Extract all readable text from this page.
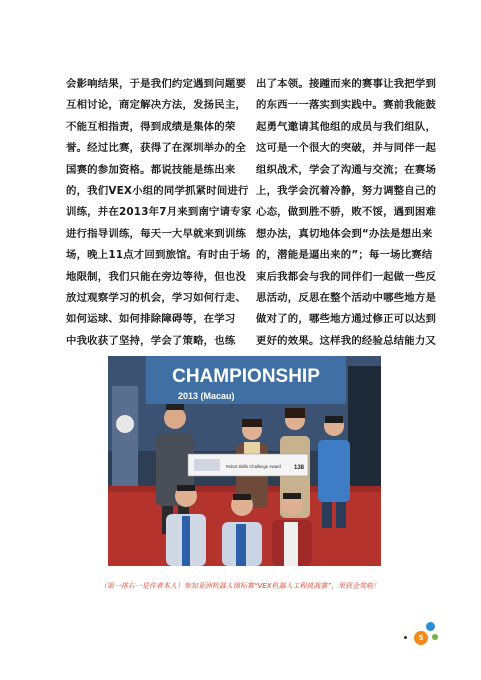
会影响结果，于是我们约定遇到问题要
互相讨论，商定解决方法，发扬民主，
不能互相指责，得到成绩是集体的荣
誉。经过比赛，获得了在深圳举办的全
国赛的参加资格。都说技能是练出来
的，我们VEX小组的同学抓紧时间进行
训练，并在2013年7月来到南宁请专家
进行指导训练，每天一大早就来到训练
场，晚上11点才回到旅馆。有时由于场
地限制，我们只能在旁边等待，但也没
放过观察学习的机会，学习如何行走、
如何运球、如何排除障碍等，在学习
中我收获了坚持，学会了策略，也练
出了本领。接踵而来的赛事让我把学到
的东西一一落实到实践中。赛前我能鼓
起勇气邀请其他组的成员与我们组队，
这可是一个很大的突破，并与同伴一起
组织战术，学会了沟通与交流；在赛场
上，我学会沉着冷静，努力调整自己的
心态，做到胜不骄，败不馁，遇到困难
想办法，真切地体会到“办法是想出来
的，潜能是逼出来的”；每一场比赛结
束后我都会与我的同伴们一起做一些反
思活动，反思在整个活动中哪些地方是
做对了的，哪些地方通过修正可以达到
更好的效果。这样我的经验总结能力又
CHAMPIONSHIP
2013 (Macau)
Robot Skills Challenge Award 138
（第一排右一是作者本人）参加亚洲机器人锦标赛“VEX机器人工程挑战赛”，荣获金奖啦！
5
